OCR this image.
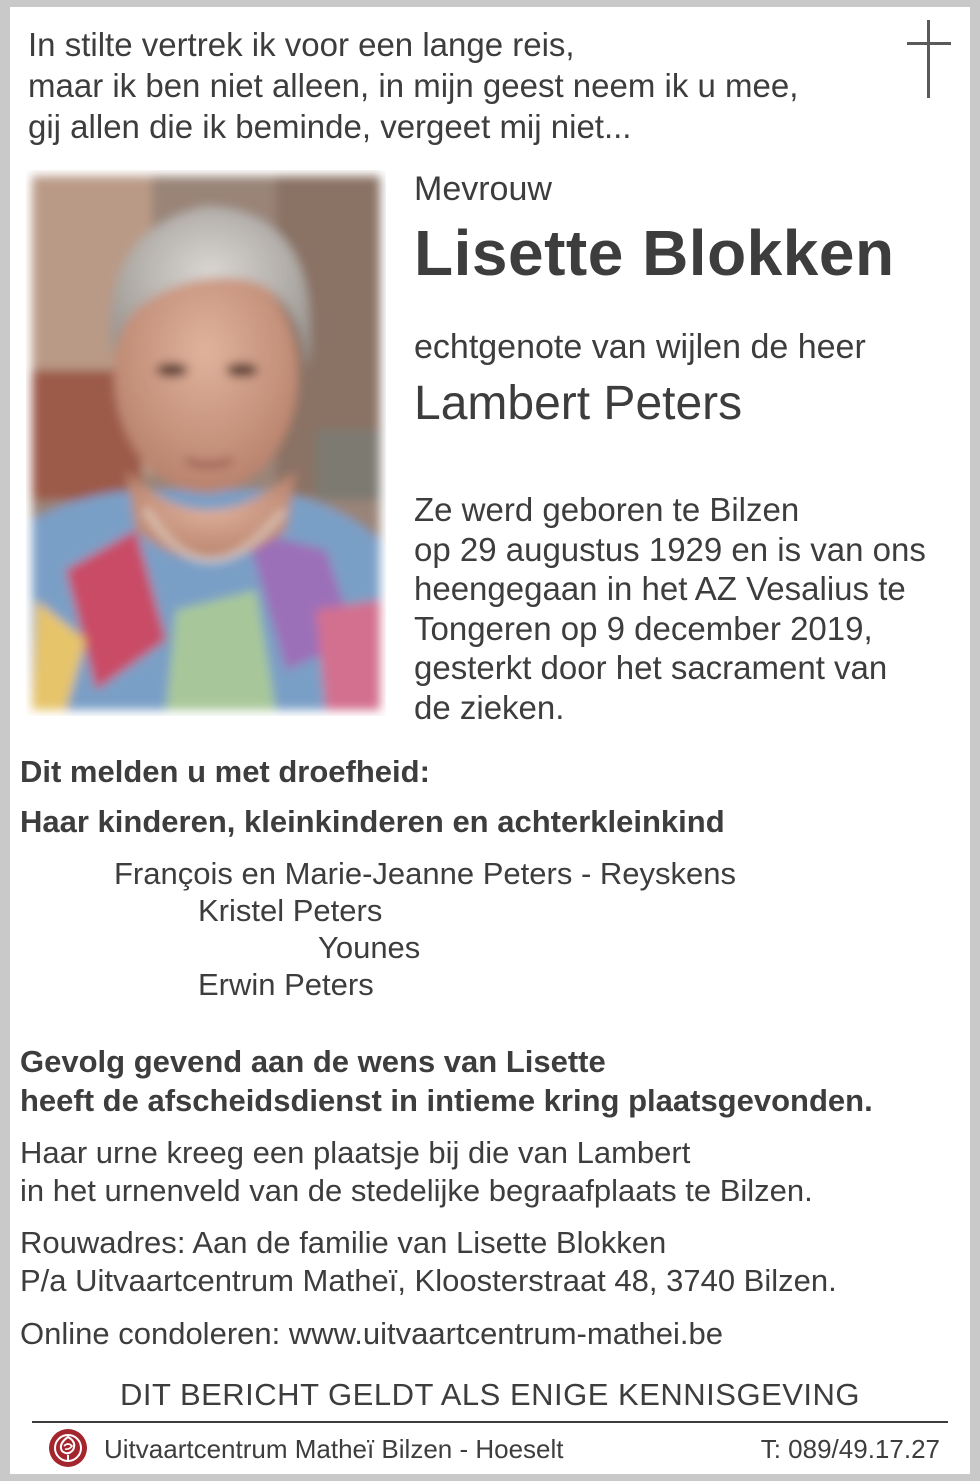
In stilte vertrek ik voor een lange reis,
maar ik ben niet alleen, in mijn geest neem ik u mee,
gij allen die ik beminde, vergeet mij niet...
Mevrouw
Lisette Blokken
echtgenote van wijlen de heer
Lambert Peters
Ze werd geboren te Bilzen
op 29 augustus 1929 en is van ons
heengegaan in het AZ Vesalius te
Tongeren op 9 december 2019,
gesterkt door het sacrament van
de zieken.
Dit melden u met droefheid:
Haar kinderen, kleinkinderen en achterkleinkind
François en Marie-Jeanne Peters - Reyskens
Kristel Peters
Younes
Erwin Peters
Gevolg gevend aan de wens van Lisette
heeft de afscheidsdienst in intieme kring plaatsgevonden.
Haar urne kreeg een plaatsje bij die van Lambert
in het urnenveld van de stedelijke begraafplaats te Bilzen.
Rouwadres: Aan de familie van Lisette Blokken
P/a Uitvaartcentrum Matheï, Kloosterstraat 48, 3740 Bilzen.
Online condoleren: www.uitvaartcentrum-mathei.be
DIT BERICHT GELDT ALS ENIGE KENNISGEVING
Uitvaartcentrum Matheï Bilzen - Hoeselt	T: 089/49.17.27
